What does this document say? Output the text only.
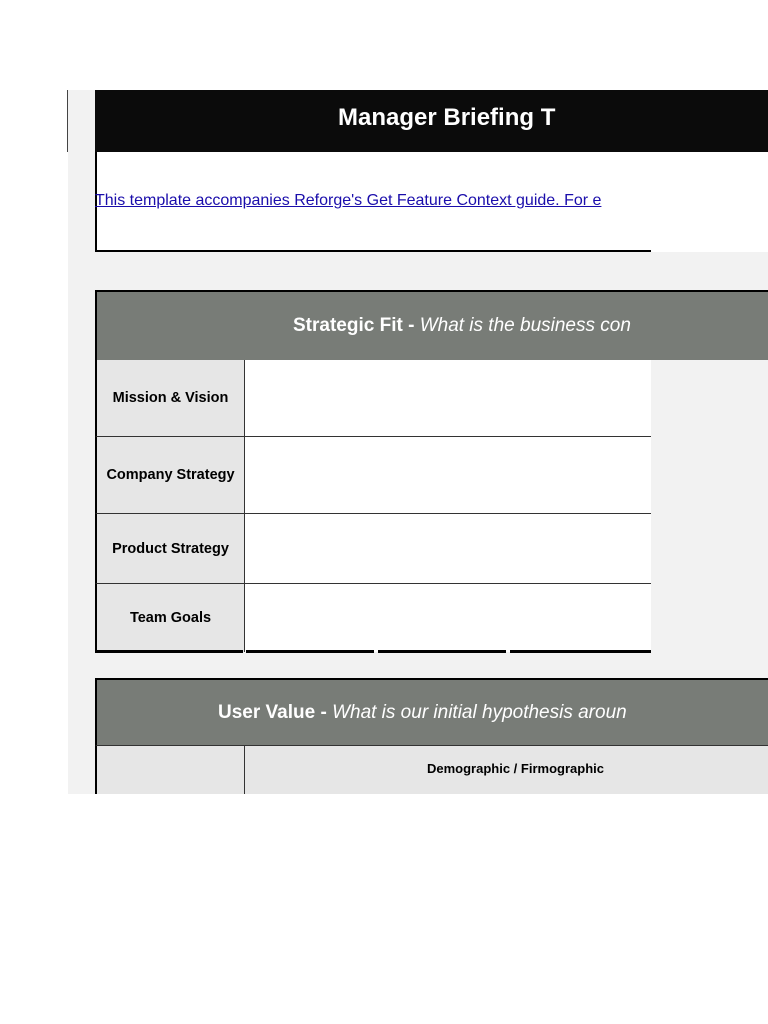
This template accompanies Reforge's Get Feature Context guide. For e
Manager Briefing T
Strategic Fit - What is the business con
Mission & Vision
Company Strategy
Product Strategy
Team Goals
User Value - What is our initial hypothesis aroun
Demographic / Firmographic
